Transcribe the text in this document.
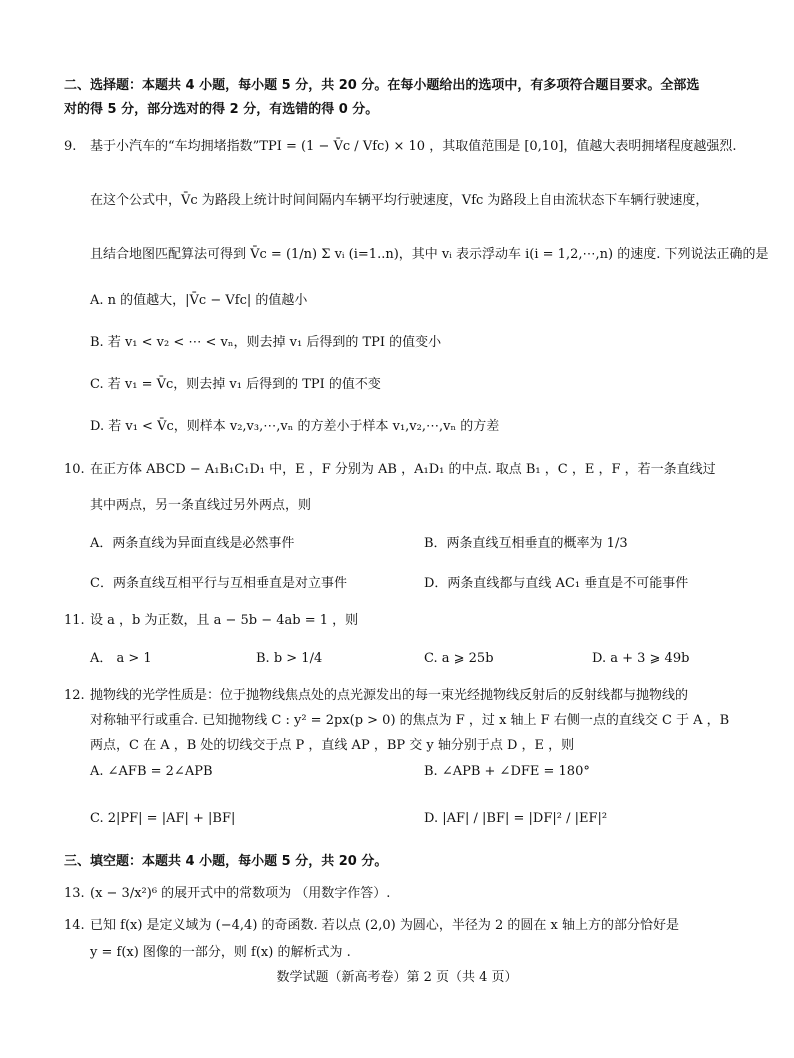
二、选择题：本题共 4 小题，每小题 5 分，共 20 分。在每小题给出的选项中，有多项符合题目要求。全部选
对的得 5 分，部分选对的得 2 分，有选错的得 0 分。
9. 基于小汽车的“车均拥堵指数”TPI = (1 − V̄c / Vfc) × 10 ，其取值范围是 [0,10]，值越大表明拥堵程度越强烈.
在这个公式中，V̄c 为路段上统计时间间隔内车辆平均行驶速度，Vfc 为路段上自由流状态下车辆行驶速度，
且结合地图匹配算法可得到 V̄c = (1/n) Σ vᵢ (i=1..n)，其中 vᵢ 表示浮动车 i(i = 1,2,⋯,n) 的速度. 下列说法正确的是
A. n 的值越大，|V̄c − Vfc| 的值越小
B. 若 v₁ < v₂ < ⋯ < vₙ，则去掉 v₁ 后得到的 TPI 的值变小
C. 若 v₁ = V̄c，则去掉 v₁ 后得到的 TPI 的值不变
D. 若 v₁ < V̄c，则样本 v₂,v₃,⋯,vₙ 的方差小于样本 v₁,v₂,⋯,vₙ 的方差
10. 在正方体 ABCD − A₁B₁C₁D₁ 中，E ，F 分别为 AB ，A₁D₁ 的中点. 取点 B₁ ，C ，E ，F ，若一条直线过
其中两点，另一条直线过另外两点，则
A．两条直线为异面直线是必然事件	B．两条直线互相垂直的概率为 1/3
C．两条直线互相平行与互相垂直是对立事件	D．两条直线都与直线 AC₁ 垂直是不可能事件
11. 设 a ，b 为正数，且 a − 5b − 4ab = 1 ，则
A． a > 1	B. b > 1/4	C. a ⩾ 25b	D. a + 3 ⩾ 49b
12. 抛物线的光学性质是：位于抛物线焦点处的点光源发出的每一束光经抛物线反射后的反射线都与抛物线的
对称轴平行或重合. 已知抛物线 C : y² = 2px(p > 0) 的焦点为 F ，过 x 轴上 F 右侧一点的直线交 C 于 A ，B
两点，C 在 A ，B 处的切线交于点 P ，直线 AP ，BP 交 y 轴分别于点 D ，E ，则
A. ∠AFB = 2∠APB	B. ∠APB + ∠DFE = 180°
C. 2|PF| = |AF| + |BF|	D. |AF| / |BF| = |DF|² / |EF|²
三、填空题：本题共 4 小题，每小题 5 分，共 20 分。
13. (x − 3/x²)⁶ 的展开式中的常数项为 （用数字作答）.
14. 已知 f(x) 是定义域为 (−4,4) 的奇函数. 若以点 (2,0) 为圆心，半径为 2 的圆在 x 轴上方的部分恰好是
y = f(x) 图像的一部分，则 f(x) 的解析式为 .
数学试题（新高考卷）第 2 页（共 4 页）
